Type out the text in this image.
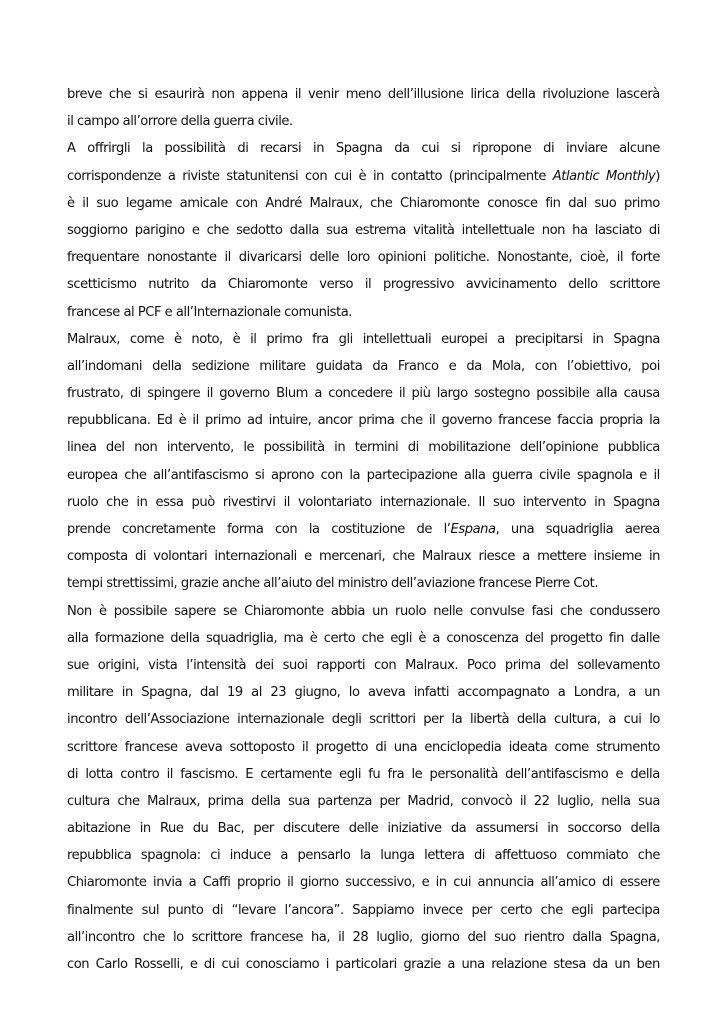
breve che si esaurirà non appena il venir meno dell’illusione lirica della rivoluzione lascerà
il campo all’orrore della guerra civile.
A offrirgli la possibilità di recarsi in Spagna da cui si ripropone di inviare alcune
corrispondenze a riviste statunitensi con cui è in contatto (principalmente Atlantic Monthly)
è il suo legame amicale con André Malraux, che Chiaromonte conosce fin dal suo primo
soggiorno parigino e che sedotto dalla sua estrema vitalità intellettuale non ha lasciato di
frequentare nonostante il divaricarsi delle loro opinioni politiche. Nonostante, cioè, il forte
scetticismo nutrito da Chiaromonte verso il progressivo avvicinamento dello scrittore
francese al PCF e all’Internazionale comunista.
Malraux, come è noto, è il primo fra gli intellettuali europei a precipitarsi in Spagna
all’indomani della sedizione militare guidata da Franco e da Mola, con l’obiettivo, poi
frustrato, di spingere il governo Blum a concedere il più largo sostegno possibile alla causa
repubblicana. Ed è il primo ad intuire, ancor prima che il governo francese faccia propria la
linea del non intervento, le possibilità in termini di mobilitazione dell’opinione pubblica
europea che all’antifascismo si aprono con la partecipazione alla guerra civile spagnola e il
ruolo che in essa può rivestirvi il volontariato internazionale. Il suo intervento in Spagna
prende concretamente forma con la costituzione de l’Espana, una squadriglia aerea
composta di volontari internazionali e mercenari, che Malraux riesce a mettere insieme in
tempi strettissimi, grazie anche all’aiuto del ministro dell’aviazione francese Pierre Cot.
Non è possibile sapere se Chiaromonte abbia un ruolo nelle convulse fasi che condussero
alla formazione della squadriglia, ma è certo che egli è a conoscenza del progetto fin dalle
sue origini, vista l’intensità dei suoi rapporti con Malraux. Poco prima del sollevamento
militare in Spagna, dal 19 al 23 giugno, lo aveva infatti accompagnato a Londra, a un
incontro dell’Associazione internazionale degli scrittori per la libertà della cultura, a cui lo
scrittore francese aveva sottoposto il progetto di una enciclopedia ideata come strumento
di lotta contro il fascismo. E certamente egli fu fra le personalità dell’antifascismo e della
cultura che Malraux, prima della sua partenza per Madrid, convocò il 22 luglio, nella sua
abitazione in Rue du Bac, per discutere delle iniziative da assumersi in soccorso della
repubblica spagnola: ci induce a pensarlo la lunga lettera di affettuoso commiato che
Chiaromonte invia a Caffi proprio il giorno successivo, e in cui annuncia all’amico di essere
finalmente sul punto di “levare l’ancora”. Sappiamo invece per certo che egli partecipa
all’incontro che lo scrittore francese ha, il 28 luglio, giorno del suo rientro dalla Spagna,
con Carlo Rosselli, e di cui conosciamo i particolari grazie a una relazione stesa da un ben
